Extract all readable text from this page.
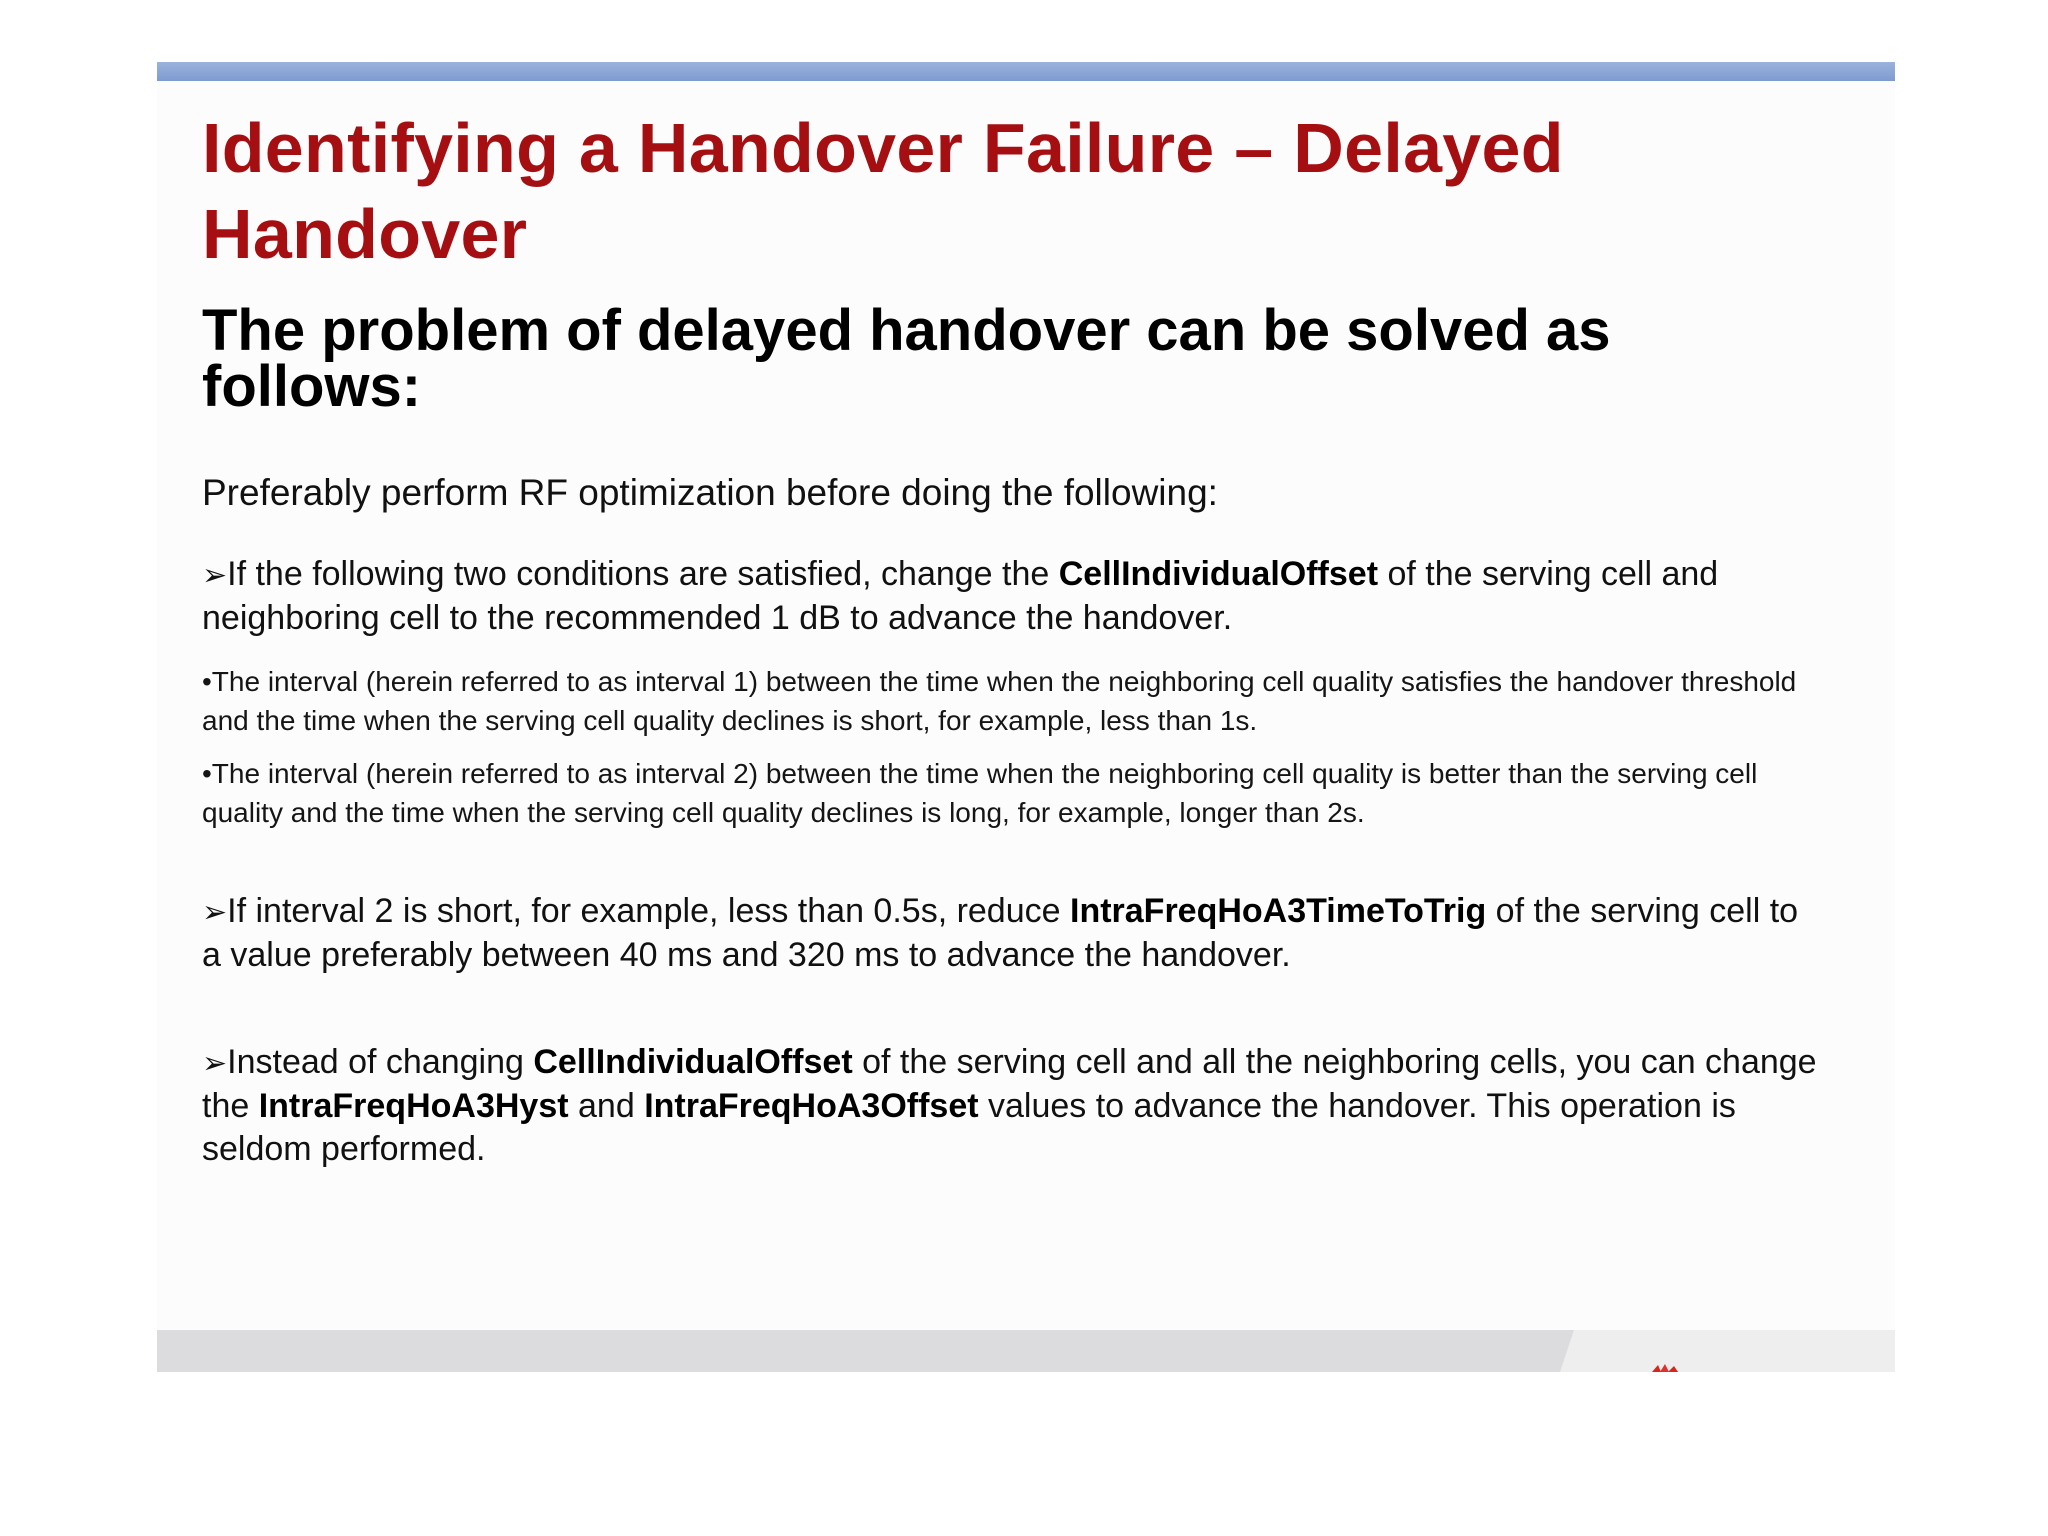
Identifying a Handover Failure – Delayed Handover
The problem of delayed handover can be solved as follows:

Preferably perform RF optimization before doing the following:

➢If the following two conditions are satisfied, change the CellIndividualOffset of the serving cell and neighboring cell to the recommended 1 dB to advance the handover.

•The interval (herein referred to as interval 1) between the time when the neighboring cell quality satisfies the handover threshold and the time when the serving cell quality declines is short, for example, less than 1s.

•The interval (herein referred to as interval 2) between the time when the neighboring cell quality is better than the serving cell quality and the time when the serving cell quality declines is long, for example, longer than 2s.

➢If interval 2 is short, for example, less than 0.5s, reduce IntraFreqHoA3TimeToTrig of the serving cell to a value preferably between 40 ms and 320 ms to advance the handover.

➢Instead of changing CellIndividualOffset of the serving cell and all the neighboring cells, you can change the IntraFreqHoA3Hyst and IntraFreqHoA3Offset values to advance the handover. This operation is seldom performed.
